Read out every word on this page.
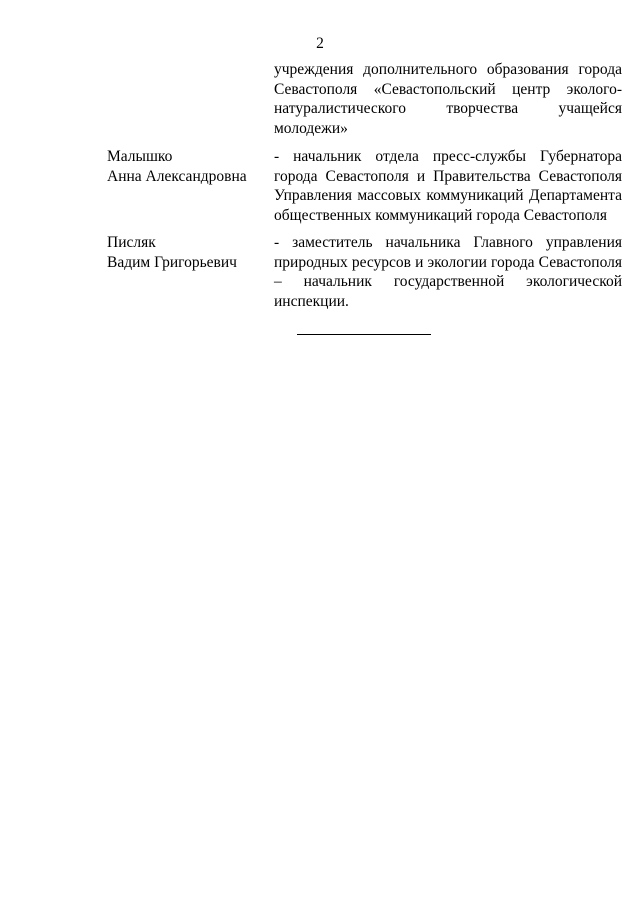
2
учреждения дополнительного образования города
Севастополя «Севастопольский центр эколого-
натуралистического творчества учащейся
молодежи»
Малышко
Анна Александровна
- начальник отдела пресс-службы Губернатора
города Севастополя и Правительства Севастополя
Управления массовых коммуникаций Департамента
общественных коммуникаций города Севастополя
Писляк
Вадим Григорьевич
- заместитель начальника Главного управления
природных ресурсов и экологии города Севастополя
– начальник государственной экологической
инспекции.
